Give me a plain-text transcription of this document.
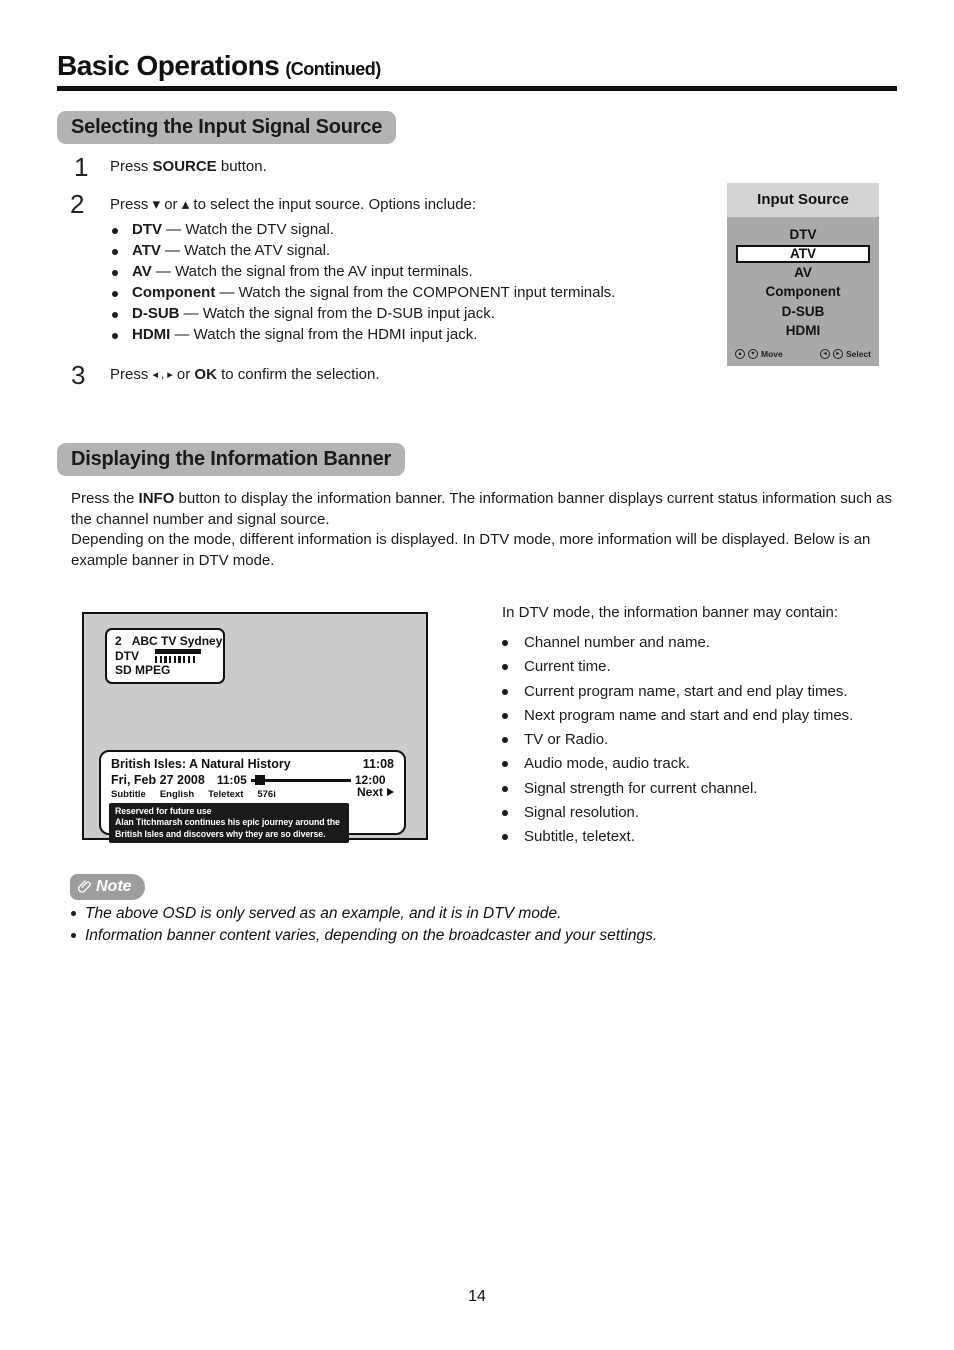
Basic Operations (Continued)
Selecting the Input Signal Source
1 Press SOURCE button.
2 Press ▾ or ▴ to select the input source. Options include:
DTV — Watch the DTV signal.
ATV — Watch the ATV signal.
AV — Watch the signal from the AV input terminals.
Component — Watch the signal from the COMPONENT input terminals.
D-SUB — Watch the signal from the D-SUB input jack.
HDMI — Watch the signal from the HDMI input jack.
3 Press ◂ , ▸ or OK to confirm the selection.
Input Source
DTV
ATV
AV
Component
D-SUB
HDMI
▲	▼ Move	◄	► Select
Displaying the Information Banner
Press the INFO button to display the information banner. The information banner displays current status information such as the channel number and signal source.
Depending on the mode, different information is displayed. In DTV mode, more information will be displayed. Below is an example banner in DTV mode.
2 ABC TV Sydney
DTV
SD MPEG
British Isles: A Natural History	11:08
Fri, Feb 27 2008 11:05	12:00
Subtitle English Teletext 576i	Next
Reserved for future use
Alan Titchmarsh continues his epic journey around the
British Isles and discovers why they are so diverse.
In DTV mode, the information banner may contain:
Channel number and name.
Current time.
Current program name, start and end play times.
Next program name and start and end play times.
TV or Radio.
Audio mode, audio track.
Signal strength for current channel.
Signal resolution.
Subtitle, teletext.
Note
The above OSD is only served as an example, and it is in DTV mode.
Information banner content varies, depending on the broadcaster and your settings.
14
